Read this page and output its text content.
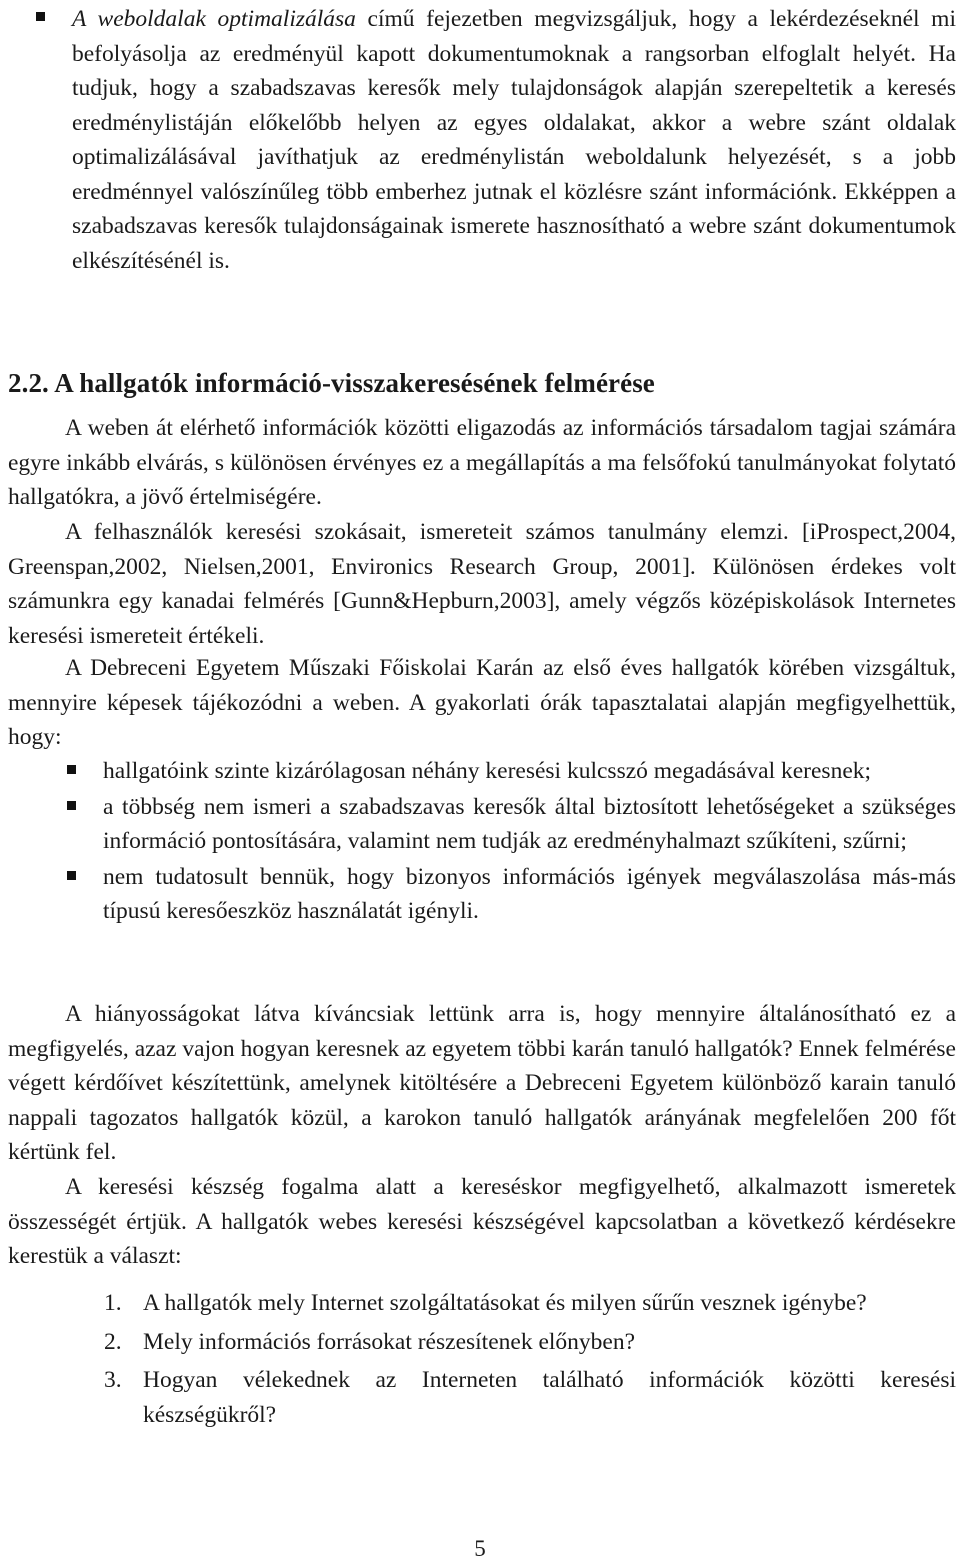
A weboldalak optimalizálása című fejezetben megvizsgáljuk, hogy a lekérdezéseknél mi befolyásolja az eredményül kapott dokumentumoknak a rangsorban elfoglalt helyét. Ha tudjuk, hogy a szabadszavas keresők mely tulajdonságok alapján szerepeltetik a keresés eredménylistáján előkelőbb helyen az egyes oldalakat, akkor a webre szánt oldalak optimalizálásával javíthatjuk az eredménylistán weboldalunk helyezését, s a jobb eredménnyel valószínűleg több emberhez jutnak el közlésre szánt információnk. Ekképpen a szabadszavas keresők tulajdonságainak ismerete hasznosítható a webre szánt dokumentumok elkészítésénél is.
2.2. A hallgatók információ-visszakeresésének felmérése
A weben át elérhető információk közötti eligazodás az információs társadalom tagjai számára egyre inkább elvárás, s különösen érvényes ez a megállapítás a ma felsőfokú tanulmányokat folytató hallgatókra, a jövő értelmiségére.
A felhasználók keresési szokásait, ismereteit számos tanulmány elemzi. [iProspect,2004, Greenspan,2002, Nielsen,2001, Environics Research Group, 2001]. Különösen érdekes volt számunkra egy kanadai felmérés [Gunn&Hepburn,2003], amely végzős középiskolások Internetes keresési ismereteit értékeli.
A Debreceni Egyetem Műszaki Főiskolai Karán az első éves hallgatók körében vizsgáltuk, mennyire képesek tájékozódni a weben. A gyakorlati órák tapasztalatai alapján megfigyelhettük, hogy:
hallgatóink szinte kizárólagosan néhány keresési kulcsszó megadásával keresnek;
a többség nem ismeri a szabadszavas keresők által biztosított lehetőségeket a szükséges információ pontosítására, valamint nem tudják az eredményhalmazt szűkíteni, szűrni;
nem tudatosult bennük, hogy bizonyos információs igények megválaszolása más-más típusú keresőeszköz használatát igényli.
A hiányosságokat látva kíváncsiak lettünk arra is, hogy mennyire általánosítható ez a megfigyelés, azaz vajon hogyan keresnek az egyetem többi karán tanuló hallgatók? Ennek felmérése végett kérdőívet készítettünk, amelynek kitöltésére a Debreceni Egyetem különböző karain tanuló nappali tagozatos hallgatók közül, a karokon tanuló hallgatók arányának megfelelően 200 főt kértünk fel.
A keresési készség fogalma alatt a kereséskor megfigyelhető, alkalmazott ismeretek összességét értjük. A hallgatók webes keresési készségével kapcsolatban a következő kérdésekre kerestük a választ:
1. A hallgatók mely Internet szolgáltatásokat és milyen sűrűn vesznek igénybe?
2. Mely információs forrásokat részesítenek előnyben?
3. Hogyan vélekednek az Interneten található információk közötti keresési készségükről?
5
